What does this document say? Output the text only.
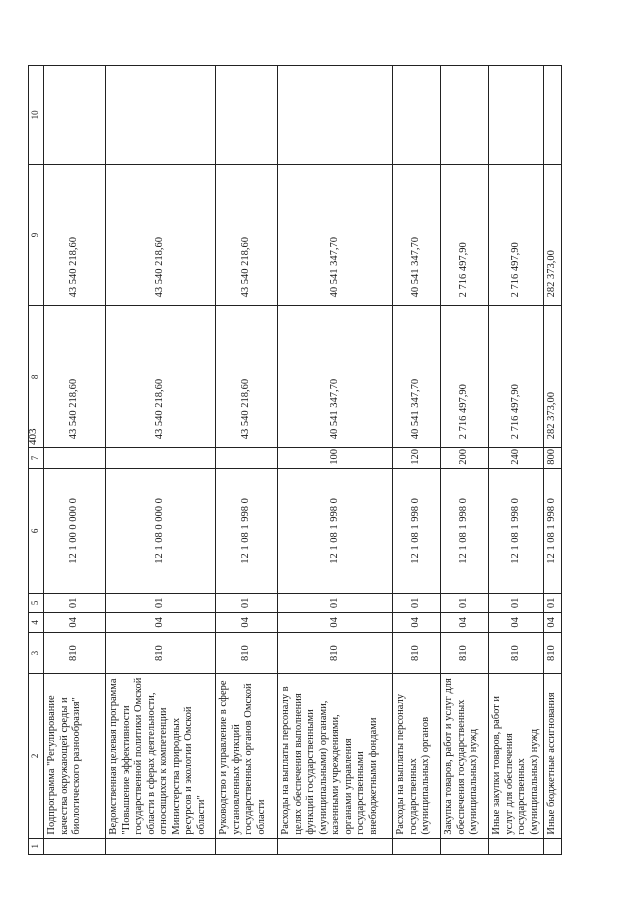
403
1	2	3	4	5	6	7	8	9	10
	Подпрограмма "Регулирование качества окружающей среды и биологического разнообразия"	810	04	01	12 1 00 0 000 0		43 540 218,60	43 540 218,60	
	Ведомственная целевая программа "Повышение эффективности государственной политики Омской области в сферах деятельности, относящихся к компетенции Министерства природных ресурсов и экологии Омской области"	810	04	01	12 1 08 0 000 0		43 540 218,60	43 540 218,60	
	Руководство и управление в сфере установленных функций государственных органов Омской области	810	04	01	12 1 08 1 998 0		43 540 218,60	43 540 218,60	
	Расходы на выплаты персоналу в целях обеспечения выполнения функций государственными (муниципальными) органами, казенными учреждениями, органами управления государственными внебюджетными фондами	810	04	01	12 1 08 1 998 0	100	40 541 347,70	40 541 347,70	
	Расходы на выплаты персоналу государственных (муниципальных) органов	810	04	01	12 1 08 1 998 0	120	40 541 347,70	40 541 347,70	
	Закупка товаров, работ и услуг для обеспечения государственных (муниципальных) нужд	810	04	01	12 1 08 1 998 0	200	2 716 497,90	2 716 497,90	
	Иные закупки товаров, работ и услуг для обеспечения государственных (муниципальных) нужд	810	04	01	12 1 08 1 998 0	240	2 716 497,90	2 716 497,90	
	Иные бюджетные ассигнования	810	04	01	12 1 08 1 998 0	800	282 373,00	282 373,00	
